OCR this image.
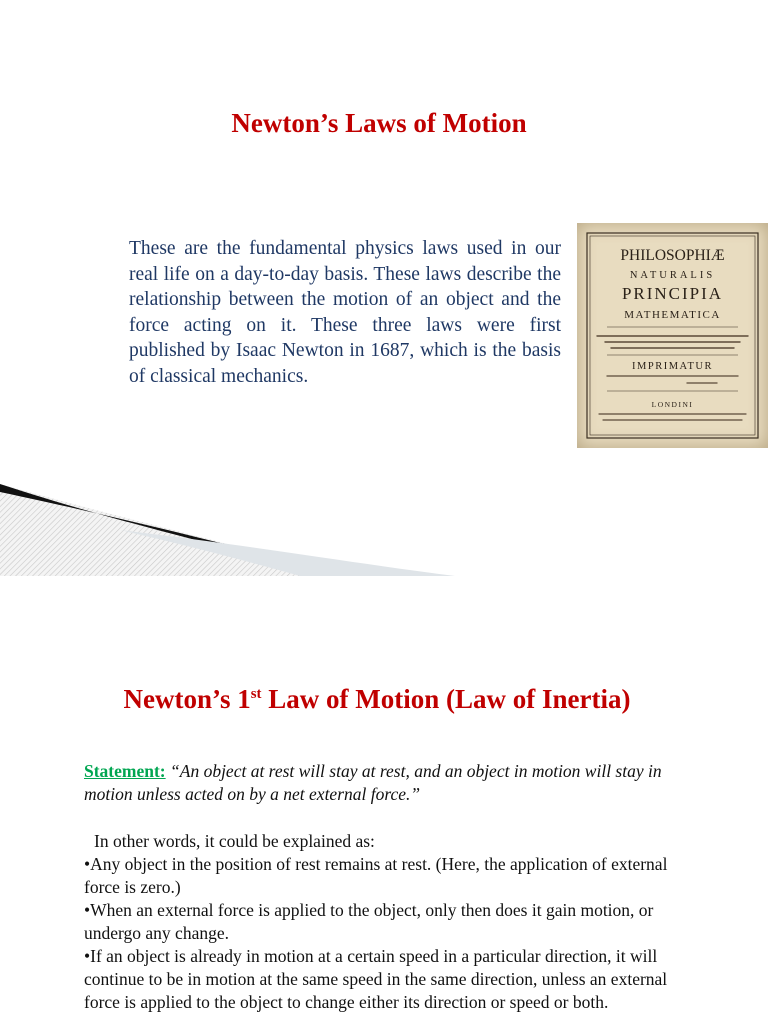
Newton’s Laws of Motion

These are the fundamental physics laws used in our real life on a day-to-day basis. These laws describe the relationship between the motion of an object and the force acting on it. These three laws were first published by Isaac Newton in 1687, which is the basis of classical mechanics.

PHILOSOPHIÆ
NATURALIS
PRINCIPIA
MATHEMATICA
IMPRIMATUR
LONDINI
Newton’s 1st Law of Motion (Law of Inertia)

Statement: “An object at rest will stay at rest, and an object in motion will stay in motion unless acted on by a net external force.”

In other words, it could be explained as:

•Any object in the position of rest remains at rest. (Here, the application of external force is zero.)
•When an external force is applied to the object, only then does it gain motion, or undergo any change.
•If an object is already in motion at a certain speed in a particular direction, it will continue to be in motion at the same speed in the same direction, unless an external force is applied to the object to change either its direction or speed or both.
